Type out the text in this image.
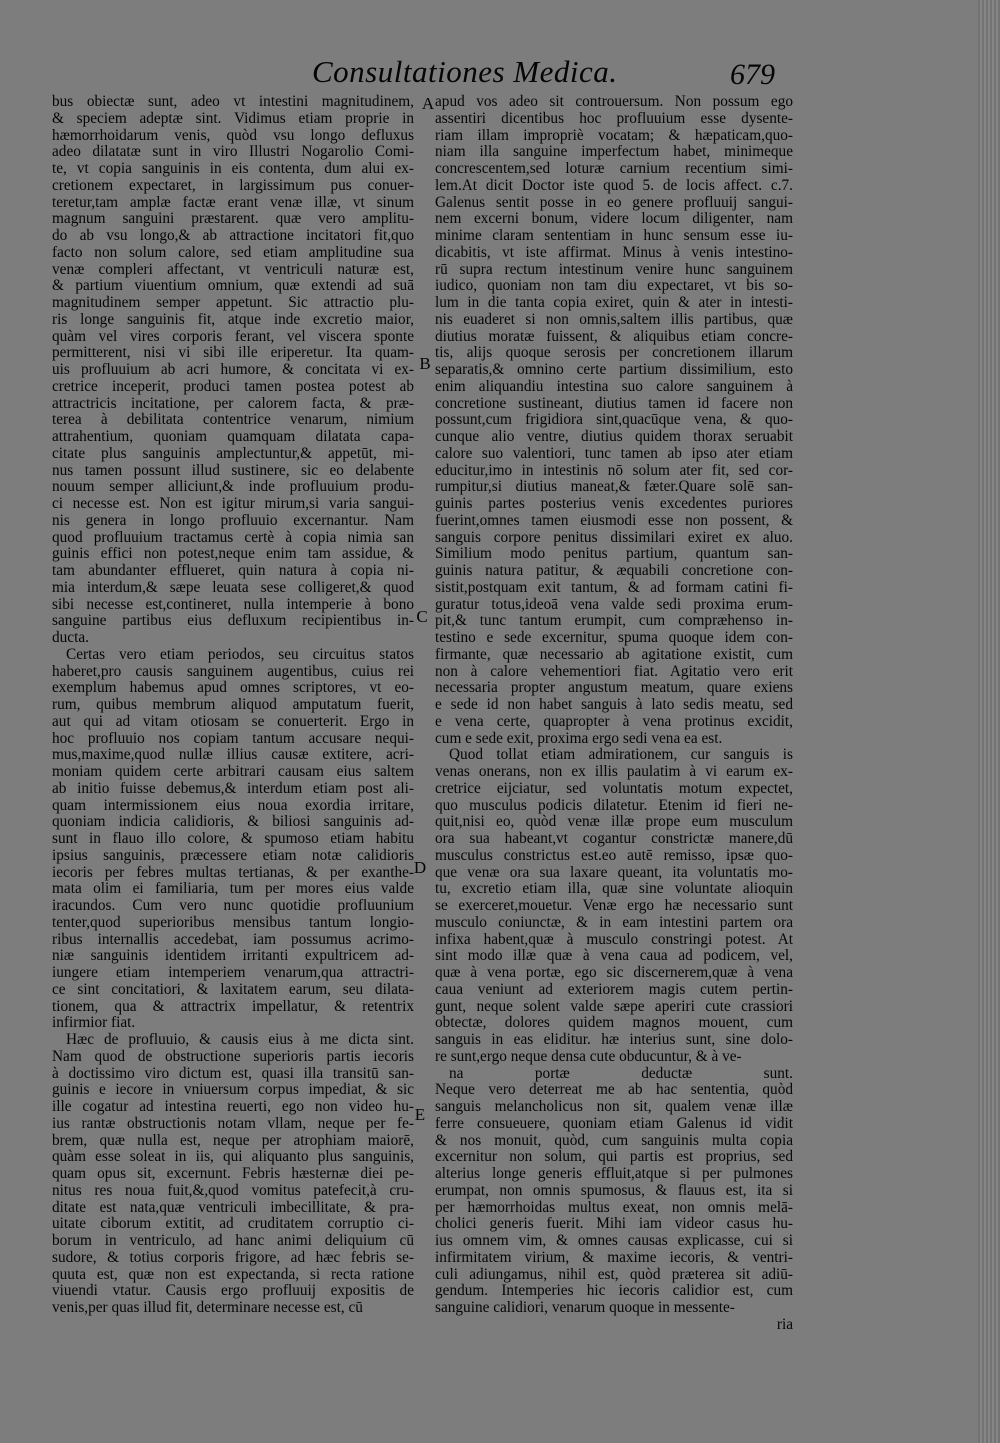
Consultationes Medica.	679
A
B
C
D
E
bus obiectæ sunt, adeo vt intestini magnitudinem,
& speciem adeptæ sint. Vidimus etiam proprie in
hæmorrhoidarum venis, quòd vsu longo defluxus
adeo dilatatæ sunt in viro Illustri Nogarolio Comi-
te, vt copia sanguinis in eis contenta, dum alui ex-
cretionem expectaret, in largissimum pus conuer-
teretur,tam amplæ factæ erant venæ illæ, vt sinum
magnum sanguini præstarent. quæ vero amplitu-
do ab vsu longo,& ab attractione incitatori fit,quo
facto non solum calore, sed etiam amplitudine sua
venæ compleri affectant, vt ventriculi naturæ est,
& partium viuentium omnium, quæ extendi ad suā
magnitudinem semper appetunt. Sic attractio plu-
ris longe sanguinis fit, atque inde excretio maior,
quàm vel vires corporis ferant, vel viscera sponte
permitterent, nisi vi sibi ille eriperetur. Ita quam-
uis profluuium ab acri humore, & concitata vi ex-
cretrice inceperit, produci tamen postea potest ab
attractricis incitatione, per calorem facta, & præ-
terea à debilitata contentrice venarum, nimium
attrahentium, quoniam quamquam dilatata capa-
citate plus sanguinis amplectuntur,& appetūt, mi-
nus tamen possunt illud sustinere, sic eo delabente
nouum semper alliciunt,& inde profluuium produ-
ci necesse est. Non est igitur mirum,si varia sangui-
nis genera in longo profluuio excernantur. Nam
quod profluuium tractamus certè à copia nimia san
guinis effici non potest,neque enim tam assidue, &
tam abundanter efflueret, quin natura à copia ni-
mia interdum,& sæpe leuata sese colligeret,& quod
sibi necesse est,contineret, nulla intemperie à bono
sanguine partibus eius defluxum recipientibus in-
ducta.
Certas vero etiam periodos, seu circuitus statos
haberet,pro causis sanguinem augentibus, cuius rei
exemplum habemus apud omnes scriptores, vt eo-
rum, quibus membrum aliquod amputatum fuerit,
aut qui ad vitam otiosam se conuerterit. Ergo in
hoc profluuio nos copiam tantum accusare nequi-
mus,maxime,quod nullæ illius causæ extitere, acri-
moniam quidem certe arbitrari causam eius saltem
ab initio fuisse debemus,& interdum etiam post ali-
quam intermissionem eius noua exordia irritare,
quoniam indicia calidioris, & biliosi sanguinis ad-
sunt in flauo illo colore, & spumoso etiam habitu
ipsius sanguinis, præcessere etiam notæ calidioris
iecoris per febres multas tertianas, & per exanthe-
mata olim ei familiaria, tum per mores eius valde
iracundos. Cum vero nunc quotidie profluunium
tenter,quod superioribus mensibus tantum longio-
ribus internallis accedebat, iam possumus acrimo-
niæ sanguinis identidem irritanti expultricem ad-
iungere etiam intemperiem venarum,qua attractri-
ce sint concitatiori, & laxitatem earum, seu dilata-
tionem, qua & attractrix impellatur, & retentrix
infirmior fiat.
Hæc de profluuio, & causis eius à me dicta sint.
Nam quod de obstructione superioris partis iecoris
à doctissimo viro dictum est, quasi illa transitū san-
guinis e iecore in vniuersum corpus impediat, & sic
ille cogatur ad intestina reuerti, ego non video hu-
ius rantæ obstructionis notam vllam, neque per fe-
brem, quæ nulla est, neque per atrophiam maiorē,
quàm esse soleat in iis, qui aliquanto plus sanguinis,
quam opus sit, excernunt. Febris hæsternæ diei pe-
nitus res noua fuit,&,quod vomitus patefecit,à cru-
ditate est nata,quæ ventriculi imbecillitate, & pra-
uitate ciborum extitit, ad cruditatem corruptio ci-
borum in ventriculo, ad hanc animi deliquium cū
sudore, & totius corporis frigore, ad hæc febris se-
quuta est, quæ non est expectanda, si recta ratione
viuendi vtatur. Causis ergo profluuij expositis de
venis,per quas illud fit, determinare necesse est, cū
apud vos adeo sit controuersum. Non possum ego
assentiri dicentibus hoc profluuium esse dysente-
riam illam impropriè vocatam; & hæpaticam,quo-
niam illa sanguine imperfectum habet, minimeque
concrescentem,sed loturæ carnium recentium simi-
lem.At dicit Doctor iste quod 5. de locis affect. c.7.
Galenus sentit posse in eo genere profluuij sangui-
nem excerni bonum, videre locum diligenter, nam
minime claram sententiam in hunc sensum esse iu-
dicabitis, vt iste affirmat. Minus à venis intestino-
rū supra rectum intestinum venire hunc sanguinem
iudico, quoniam non tam diu expectaret, vt bis so-
lum in die tanta copia exiret, quin & ater in intesti-
nis euaderet si non omnis,saltem illis partibus, quæ
diutius moratæ fuissent, & aliquibus etiam concre-
tis, alijs quoque serosis per concretionem illarum
separatis,& omnino certe partium dissimilium, esto
enim aliquandiu intestina suo calore sanguinem à
concretione sustineant, diutius tamen id facere non
possunt,cum frigidiora sint,quacūque vena, & quo-
cunque alio ventre, diutius quidem thorax seruabit
calore suo valentiori, tunc tamen ab ipso ater etiam
educitur,imo in intestinis nō solum ater fit, sed cor-
rumpitur,si diutius maneat,& fæter.Quare solē san-
guinis partes posterius venis excedentes puriores
fuerint,omnes tamen eiusmodi esse non possent, &
sanguis corpore penitus dissimilari exiret ex aluo.
Similium modo penitus partium, quantum san-
guinis natura patitur, & æquabili concretione con-
sistit,postquam exit tantum, & ad formam catini fi-
guratur totus,ideoā vena valde sedi proxima erum-
pit,& tunc tantum erumpit, cum compræhenso in-
testino e sede excernitur, spuma quoque idem con-
firmante, quæ necessario ab agitatione existit, cum
non à calore vehementiori fiat. Agitatio vero erit
necessaria propter angustum meatum, quare exiens
e sede id non habet sanguis à lato sedis meatu, sed
e vena certe, quapropter à vena protinus excidit,
cum e sede exit, proxima ergo sedi vena ea est.
Quod tollat etiam admirationem, cur sanguis is
venas onerans, non ex illis paulatim à vi earum ex-
cretrice eijciatur, sed voluntatis motum expectet,
quo musculus podicis dilatetur. Etenim id fieri ne-
quit,nisi eo, quòd venæ illæ prope eum musculum
ora sua habeant,vt cogantur constrictæ manere,dū
musculus constrictus est.eo autē remisso, ipsæ quo-
que venæ ora sua laxare queant, ita voluntatis mo-
tu, excretio etiam illa, quæ sine voluntate alioquin
se exerceret,mouetur. Venæ ergo hæ necessario sunt
musculo coniunctæ, & in eam intestini partem ora
infixa habent,quæ à musculo constringi potest. At
sint modo illæ quæ à vena caua ad podicem, vel,
quæ à vena portæ, ego sic discernerem,quæ à vena
caua veniunt ad exteriorem magis cutem pertin-
gunt, neque solent valde sæpe aperiri cute crassiori
obtectæ, dolores quidem magnos mouent, cum
sanguis in eas eliditur. hæ interius sunt, sine dolo-
re sunt,ergo neque densa cute obducuntur, & à ve-
na portæ deductæ sunt.
Neque vero deterreat me ab hac sententia, quòd
sanguis melancholicus non sit, qualem venæ illæ
ferre consueuere, quoniam etiam Galenus id vidit
& nos monuit, quòd, cum sanguinis multa copia
excernitur non solum, qui partis est proprius, sed
alterius longe generis effluit,atque si per pulmones
erumpat, non omnis spumosus, & flauus est, ita si
per hæmorrhoidas multus exeat, non omnis melā-
cholici generis fuerit. Mihi iam videor casus hu-
ius omnem vim, & omnes causas explicasse, cui si
infirmitatem virium, & maxime iecoris, & ventri-
culi adiungamus, nihil est, quòd præterea sit adiū-
gendum. Intemperies hic iecoris calidior est, cum
sanguine calidiori, venarum quoque in messente-
ria
